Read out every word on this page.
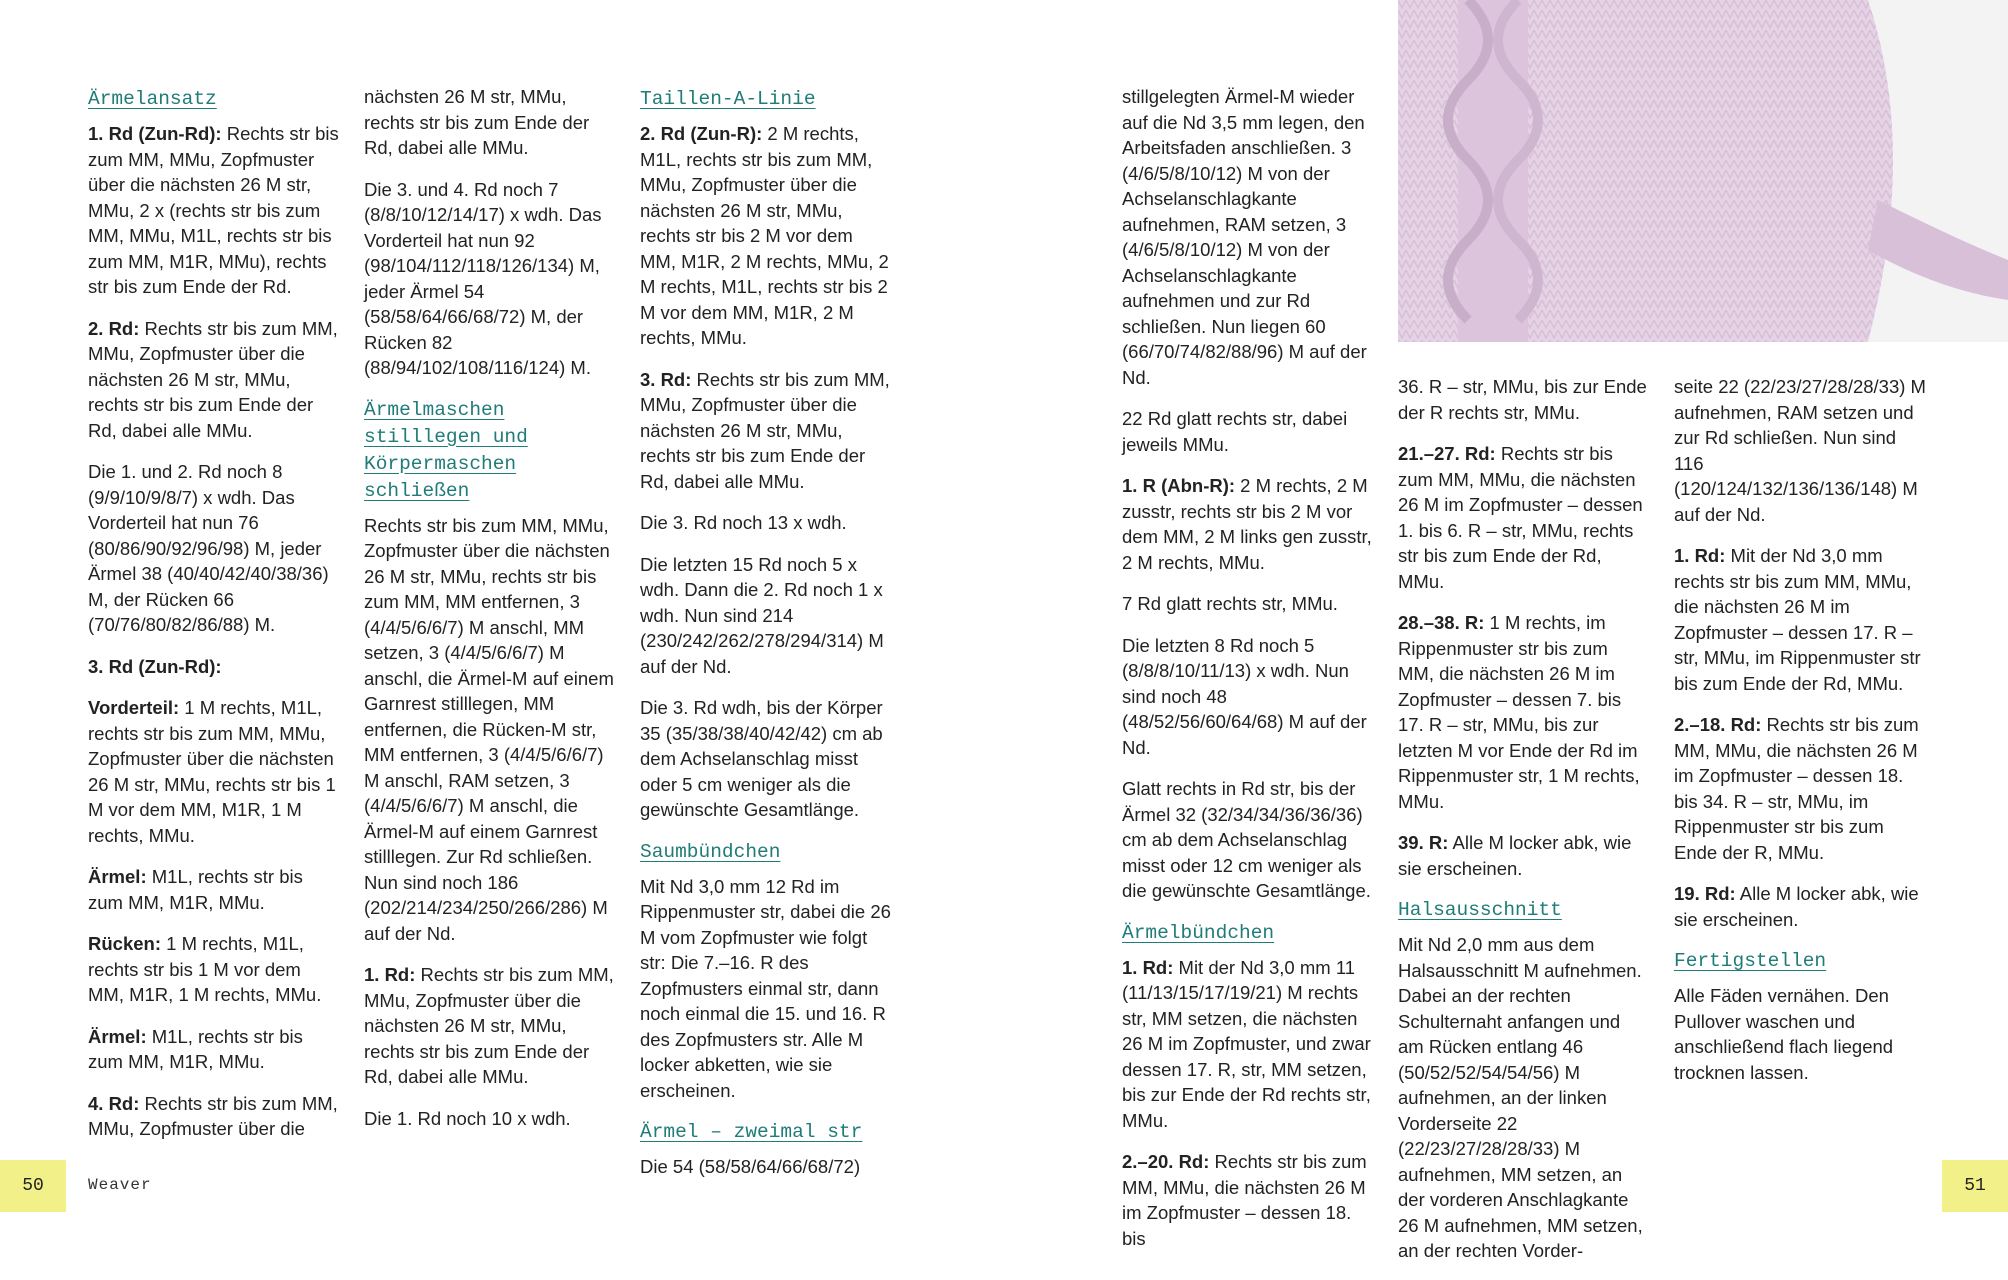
Ärmelansatz

1. Rd (Zun-Rd): Rechts str bis zum MM, MMu, Zopfmuster über die nächsten 26 M str, MMu, 2 x (rechts str bis zum MM, MMu, M1L, rechts str bis zum MM, M1R, MMu), rechts str bis zum Ende der Rd.

2. Rd: Rechts str bis zum MM, MMu, Zopfmuster über die nächsten 26 M str, MMu, rechts str bis zum Ende der Rd, dabei alle MMu.

Die 1. und 2. Rd noch 8 (9/9/10/9/8/7) x wdh. Das Vorderteil hat nun 76 (80/86/90/92/96/98) M, jeder Ärmel 38 (40/40/42/40/38/36) M, der Rücken 66 (70/76/80/82/86/88) M.

3. Rd (Zun-Rd):

Vorderteil: 1 M rechts, M1L, rechts str bis zum MM, MMu, Zopfmuster über die nächsten 26 M str, MMu, rechts str bis 1 M vor dem MM, M1R, 1 M rechts, MMu.

Ärmel: M1L, rechts str bis zum MM, M1R, MMu.

Rücken: 1 M rechts, M1L, rechts str bis 1 M vor dem MM, M1R, 1 M rechts, MMu.

Ärmel: M1L, rechts str bis zum MM, M1R, MMu.

4. Rd: Rechts str bis zum MM, MMu, Zopfmuster über die

nächsten 26 M str, MMu, rechts str bis zum Ende der Rd, dabei alle MMu.

Die 3. und 4. Rd noch 7 (8/8/10/12/14/17) x wdh. Das Vorderteil hat nun 92 (98/104/112/118/126/134) M, jeder Ärmel 54 (58/58/64/66/68/72) M, der Rücken 82 (88/94/102/108/116/124) M.

Ärmelmaschen stilllegen und Körpermaschen schließen

Rechts str bis zum MM, MMu, Zopfmuster über die nächsten 26 M str, MMu, rechts str bis zum MM, MM entfernen, 3 (4/4/5/6/6/7) M anschl, MM setzen, 3 (4/4/5/6/6/7) M anschl, die Ärmel-M auf einem Garnrest stilllegen, MM entfernen, die Rücken-M str, MM entfernen, 3 (4/4/5/6/6/7) M anschl, RAM setzen, 3 (4/4/5/6/6/7) M anschl, die Ärmel-M auf einem Garnrest stilllegen. Zur Rd schließen. Nun sind noch 186 (202/214/234/250/266/286) M auf der Nd.

1. Rd: Rechts str bis zum MM, MMu, Zopfmuster über die nächsten 26 M str, MMu, rechts str bis zum Ende der Rd, dabei alle MMu.

Die 1. Rd noch 10 x wdh.

Taillen-A-Linie

2. Rd (Zun-R): 2 M rechts, M1L, rechts str bis zum MM, MMu, Zopfmuster über die nächsten 26 M str, MMu, rechts str bis 2 M vor dem MM, M1R, 2 M rechts, MMu, 2 M rechts, M1L, rechts str bis 2 M vor dem MM, M1R, 2 M rechts, MMu.

3. Rd: Rechts str bis zum MM, MMu, Zopfmuster über die nächsten 26 M str, MMu, rechts str bis zum Ende der Rd, dabei alle MMu.

Die 3. Rd noch 13 x wdh.

Die letzten 15 Rd noch 5 x wdh. Dann die 2. Rd noch 1 x wdh. Nun sind 214 (230/242/262/278/294/314) M auf der Nd.

Die 3. Rd wdh, bis der Körper 35 (35/38/38/40/42/42) cm ab dem Achselanschlag misst oder 5 cm weniger als die gewünschte Gesamtlänge.

Saumbündchen

Mit Nd 3,0 mm 12 Rd im Rippenmuster str, dabei die 26 M vom Zopfmuster wie folgt str: Die 7.–16. R des Zopfmusters einmal str, dann noch einmal die 15. und 16. R des Zopfmusters str. Alle M locker abketten, wie sie erscheinen.

Ärmel – zweimal str

Die 54 (58/58/64/66/68/72)

stillgelegten Ärmel-M wieder auf die Nd 3,5 mm legen, den Arbeitsfaden anschließen. 3 (4/6/5/8/10/12) M von der Achselanschlagkante aufnehmen, RAM setzen, 3 (4/6/5/8/10/12) M von der Achselanschlagkante aufnehmen und zur Rd schließen. Nun liegen 60 (66/70/74/82/88/96) M auf der Nd.

22 Rd glatt rechts str, dabei jeweils MMu.

1. R (Abn-R): 2 M rechts, 2 M zusstr, rechts str bis 2 M vor dem MM, 2 M links gen zusstr, 2 M rechts, MMu.

7 Rd glatt rechts str, MMu.

Die letzten 8 Rd noch 5 (8/8/8/10/11/13) x wdh. Nun sind noch 48 (48/52/56/60/64/68) M auf der Nd.

Glatt rechts in Rd str, bis der Ärmel 32 (32/34/34/36/36/36) cm ab dem Achselanschlag misst oder 12 cm weniger als die gewünschte Gesamtlänge.

Ärmelbündchen

1. Rd: Mit der Nd 3,0 mm 11 (11/13/15/17/19/21) M rechts str, MM setzen, die nächsten 26 M im Zopfmuster, und zwar dessen 17. R, str, MM setzen, bis zur Ende der Rd rechts str, MMu.

2.–20. Rd: Rechts str bis zum MM, MMu, die nächsten 26 M im Zopfmuster – dessen 18. bis

36. R – str, MMu, bis zur Ende der R rechts str, MMu.

21.–27. Rd: Rechts str bis zum MM, MMu, die nächsten 26 M im Zopfmuster – dessen 1. bis 6. R – str, MMu, rechts str bis zum Ende der Rd, MMu.

28.–38. R: 1 M rechts, im Rippenmuster str bis zum MM, die nächsten 26 M im Zopfmuster – dessen 7. bis 17. R – str, MMu, bis zur letzten M vor Ende der Rd im Rippenmuster str, 1 M rechts, MMu.

39. R: Alle M locker abk, wie sie erscheinen.

Halsausschnitt

Mit Nd 2,0 mm aus dem Halsausschnitt M aufnehmen. Dabei an der rechten Schulternaht anfangen und am Rücken entlang 46 (50/52/52/54/54/56) M aufnehmen, an der linken Vorderseite 22 (22/23/27/28/28/33) M aufnehmen, MM setzen, an der vorderen Anschlagkante 26 M aufnehmen, MM setzen, an der rechten Vorder-

seite 22 (22/23/27/28/28/33) M aufnehmen, RAM setzen und zur Rd schließen. Nun sind 116 (120/124/132/136/136/148) M auf der Nd.

1. Rd: Mit der Nd 3,0 mm rechts str bis zum MM, MMu, die nächsten 26 M im Zopfmuster – dessen 17. R – str, MMu, im Rippenmuster str bis zum Ende der Rd, MMu.

2.–18. Rd: Rechts str bis zum MM, MMu, die nächsten 26 M im Zopfmuster – dessen 18. bis 34. R – str, MMu, im Rippenmuster str bis zum Ende der R, MMu.

19. Rd: Alle M locker abk, wie sie erscheinen.

Fertigstellen

Alle Fäden vernähen. Den Pullover waschen und anschließend flach liegend trocknen lassen.

50	Weaver	51
